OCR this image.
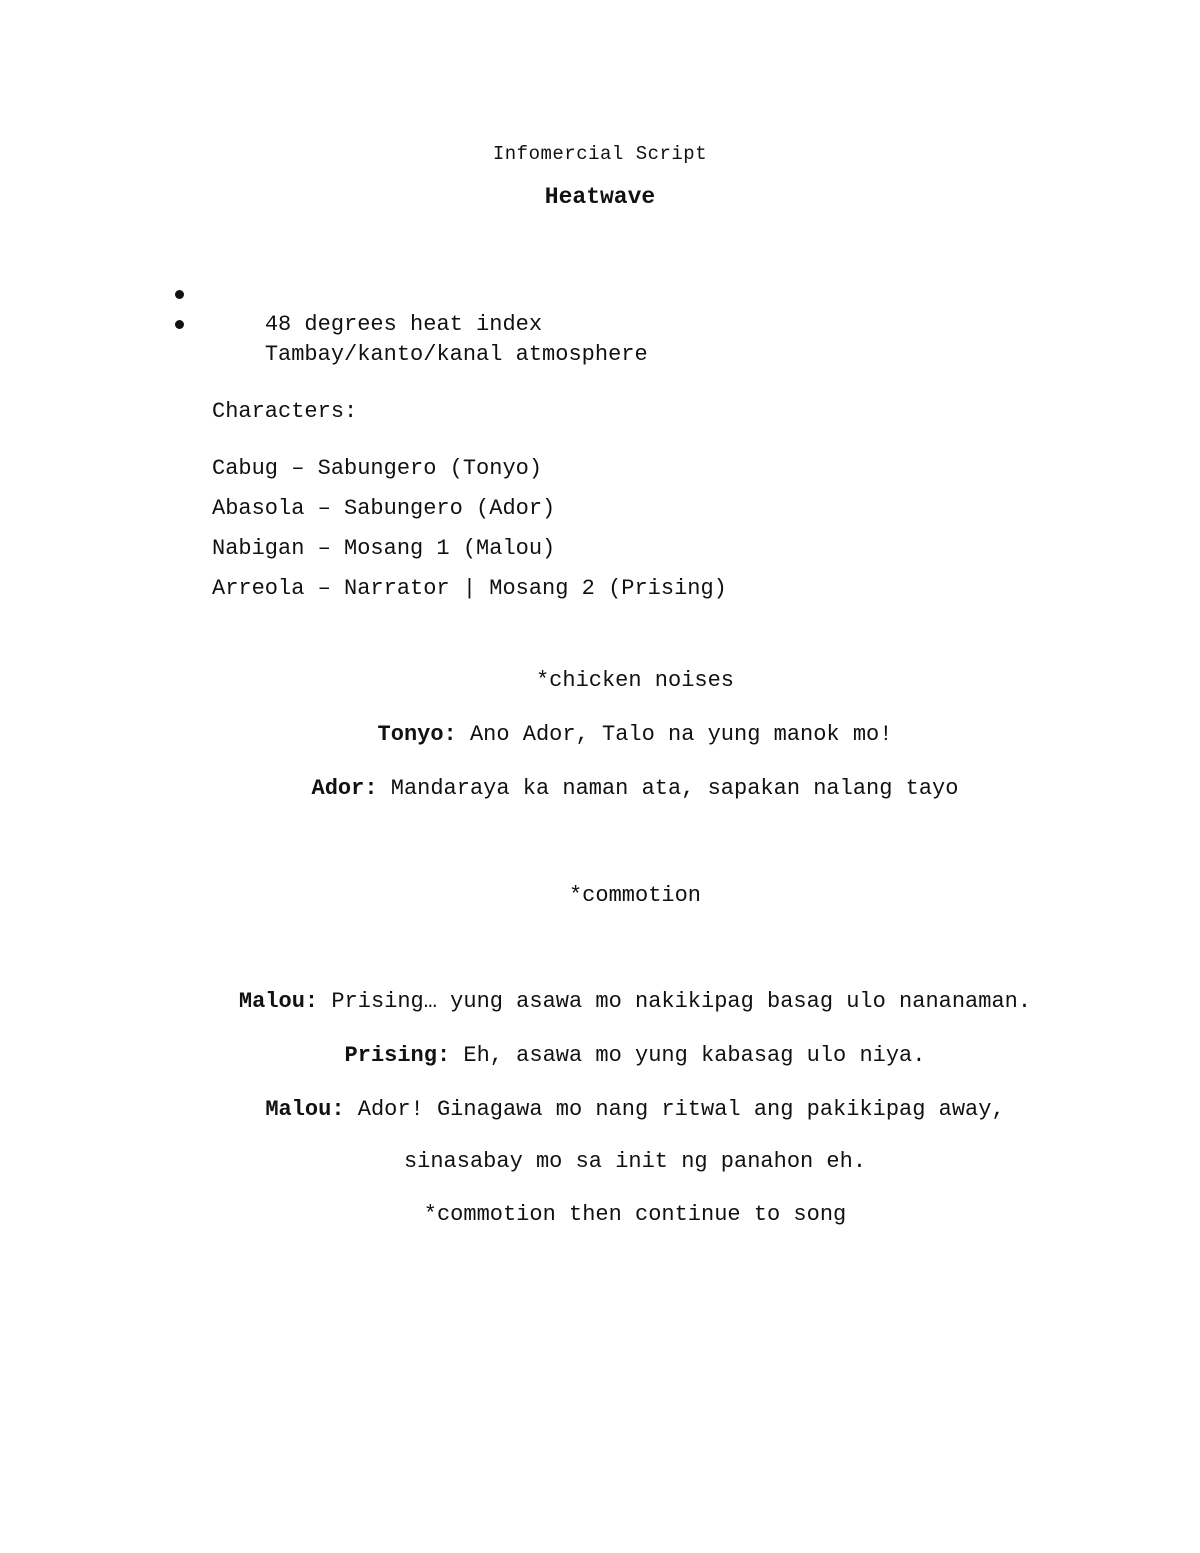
Infomercial Script
Heatwave

48 degrees heat index

Tambay/kanto/kanal atmosphere

Characters:
Cabug – Sabungero (Tonyo)
Abasola – Sabungero (Ador)
Nabigan – Mosang 1 (Malou)
Arreola – Narrator | Mosang 2 (Prising)
*chicken noises
Tonyo: Ano Ador, Talo na yung manok mo!
Ador: Mandaraya ka naman ata, sapakan nalang tayo
*commotion
Malou: Prising… yung asawa mo nakikipag basag ulo nananaman.
Prising: Eh, asawa mo yung kabasag ulo niya.
Malou: Ador! Ginagawa mo nang ritwal ang pakikipag away,
sinasabay mo sa init ng panahon eh.
*commotion then continue to song
